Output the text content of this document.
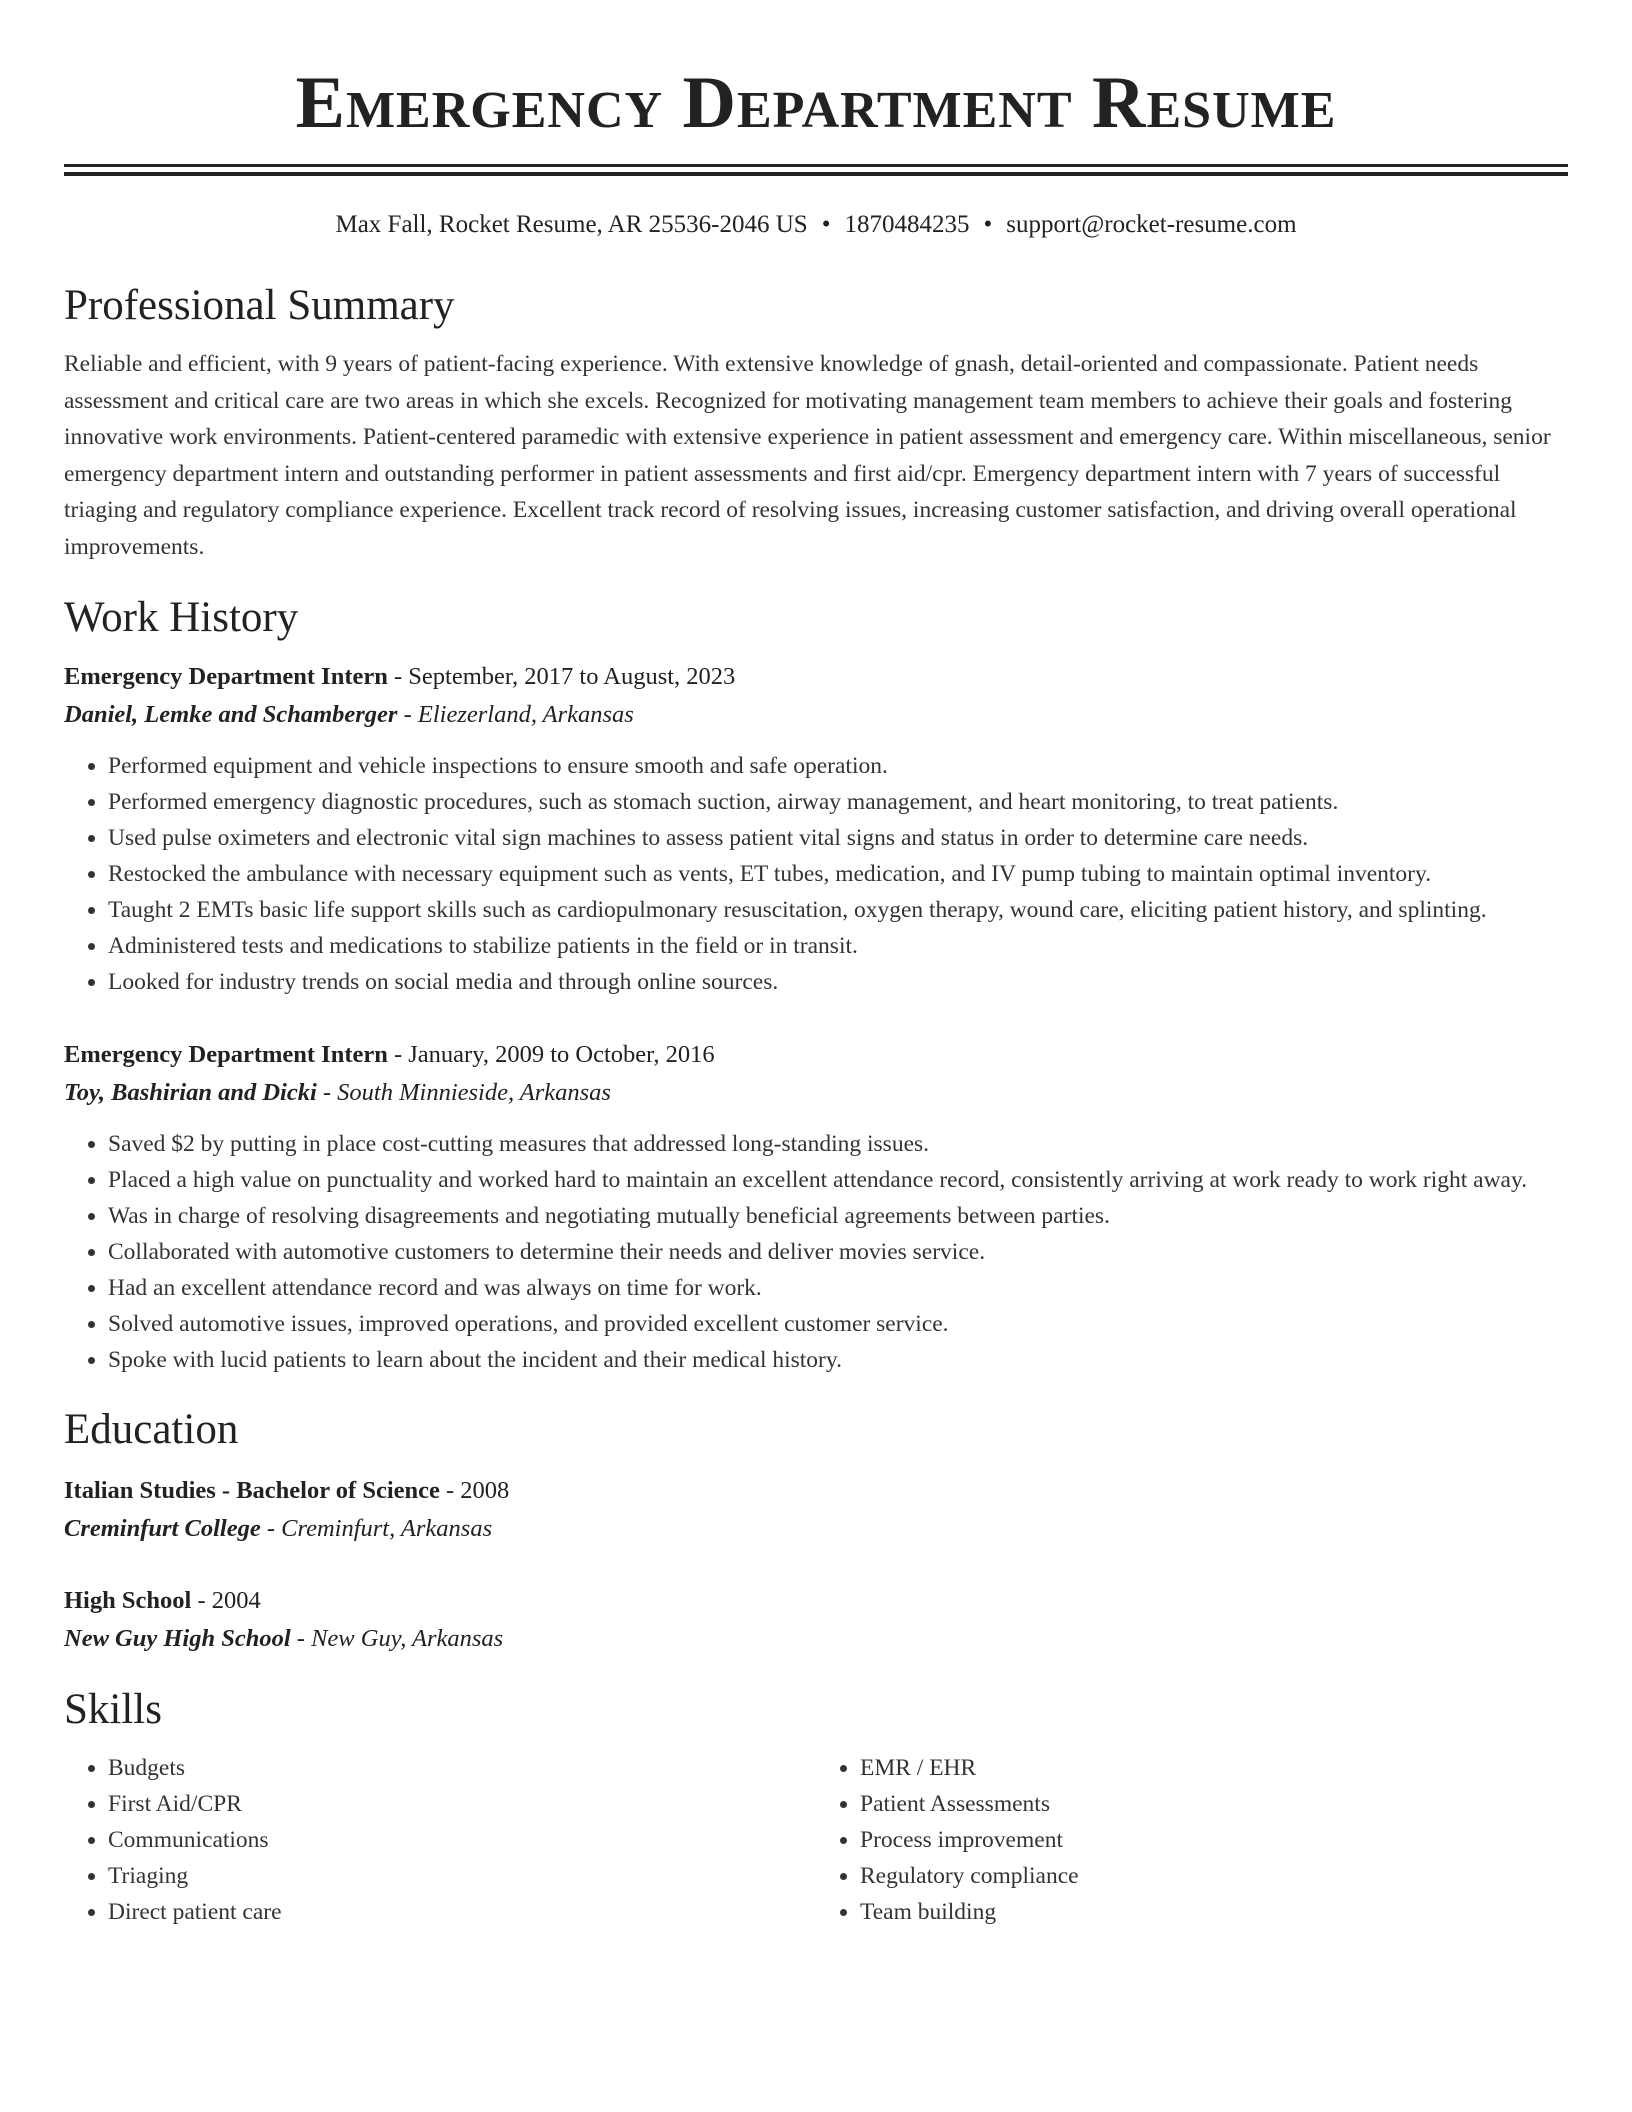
Emergency Department Resume
Max Fall, Rocket Resume, AR 25536-2046 US • 1870484235 • support@rocket-resume.com
Professional Summary

Reliable and efficient, with 9 years of patient-facing experience. With extensive knowledge of gnash, detail-oriented and compassionate. Patient needs assessment and critical care are two areas in which she excels. Recognized for motivating management team members to achieve their goals and fostering innovative work environments. Patient-centered paramedic with extensive experience in patient assessment and emergency care. Within miscellaneous, senior emergency department intern and outstanding performer in patient assessments and first aid/cpr. Emergency department intern with 7 years of successful triaging and regulatory compliance experience. Excellent track record of resolving issues, increasing customer satisfaction, and driving overall operational improvements.

Work History
Emergency Department Intern - September, 2017 to August, 2023
Daniel, Lemke and Schamberger - Eliezerland, Arkansas
• Performed equipment and vehicle inspections to ensure smooth and safe operation.
• Performed emergency diagnostic procedures, such as stomach suction, airway management, and heart monitoring, to treat patients.
• Used pulse oximeters and electronic vital sign machines to assess patient vital signs and status in order to determine care needs.
• Restocked the ambulance with necessary equipment such as vents, ET tubes, medication, and IV pump tubing to maintain optimal inventory.
• Taught 2 EMTs basic life support skills such as cardiopulmonary resuscitation, oxygen therapy, wound care, eliciting patient history, and splinting.
• Administered tests and medications to stabilize patients in the field or in transit.
• Looked for industry trends on social media and through online sources.
Emergency Department Intern - January, 2009 to October, 2016
Toy, Bashirian and Dicki - South Minnieside, Arkansas
• Saved $2 by putting in place cost-cutting measures that addressed long-standing issues.
• Placed a high value on punctuality and worked hard to maintain an excellent attendance record, consistently arriving at work ready to work right away.
• Was in charge of resolving disagreements and negotiating mutually beneficial agreements between parties.
• Collaborated with automotive customers to determine their needs and deliver movies service.
• Had an excellent attendance record and was always on time for work.
• Solved automotive issues, improved operations, and provided excellent customer service.
• Spoke with lucid patients to learn about the incident and their medical history.
Education
Italian Studies - Bachelor of Science - 2008
Creminfurt College - Creminfurt, Arkansas
High School - 2004
New Guy High School - New Guy, Arkansas
Skills
• Budgets
• First Aid/CPR
• Communications
• Triaging
• Direct patient care
• EMR / EHR
• Patient Assessments
• Process improvement
• Regulatory compliance
• Team building
